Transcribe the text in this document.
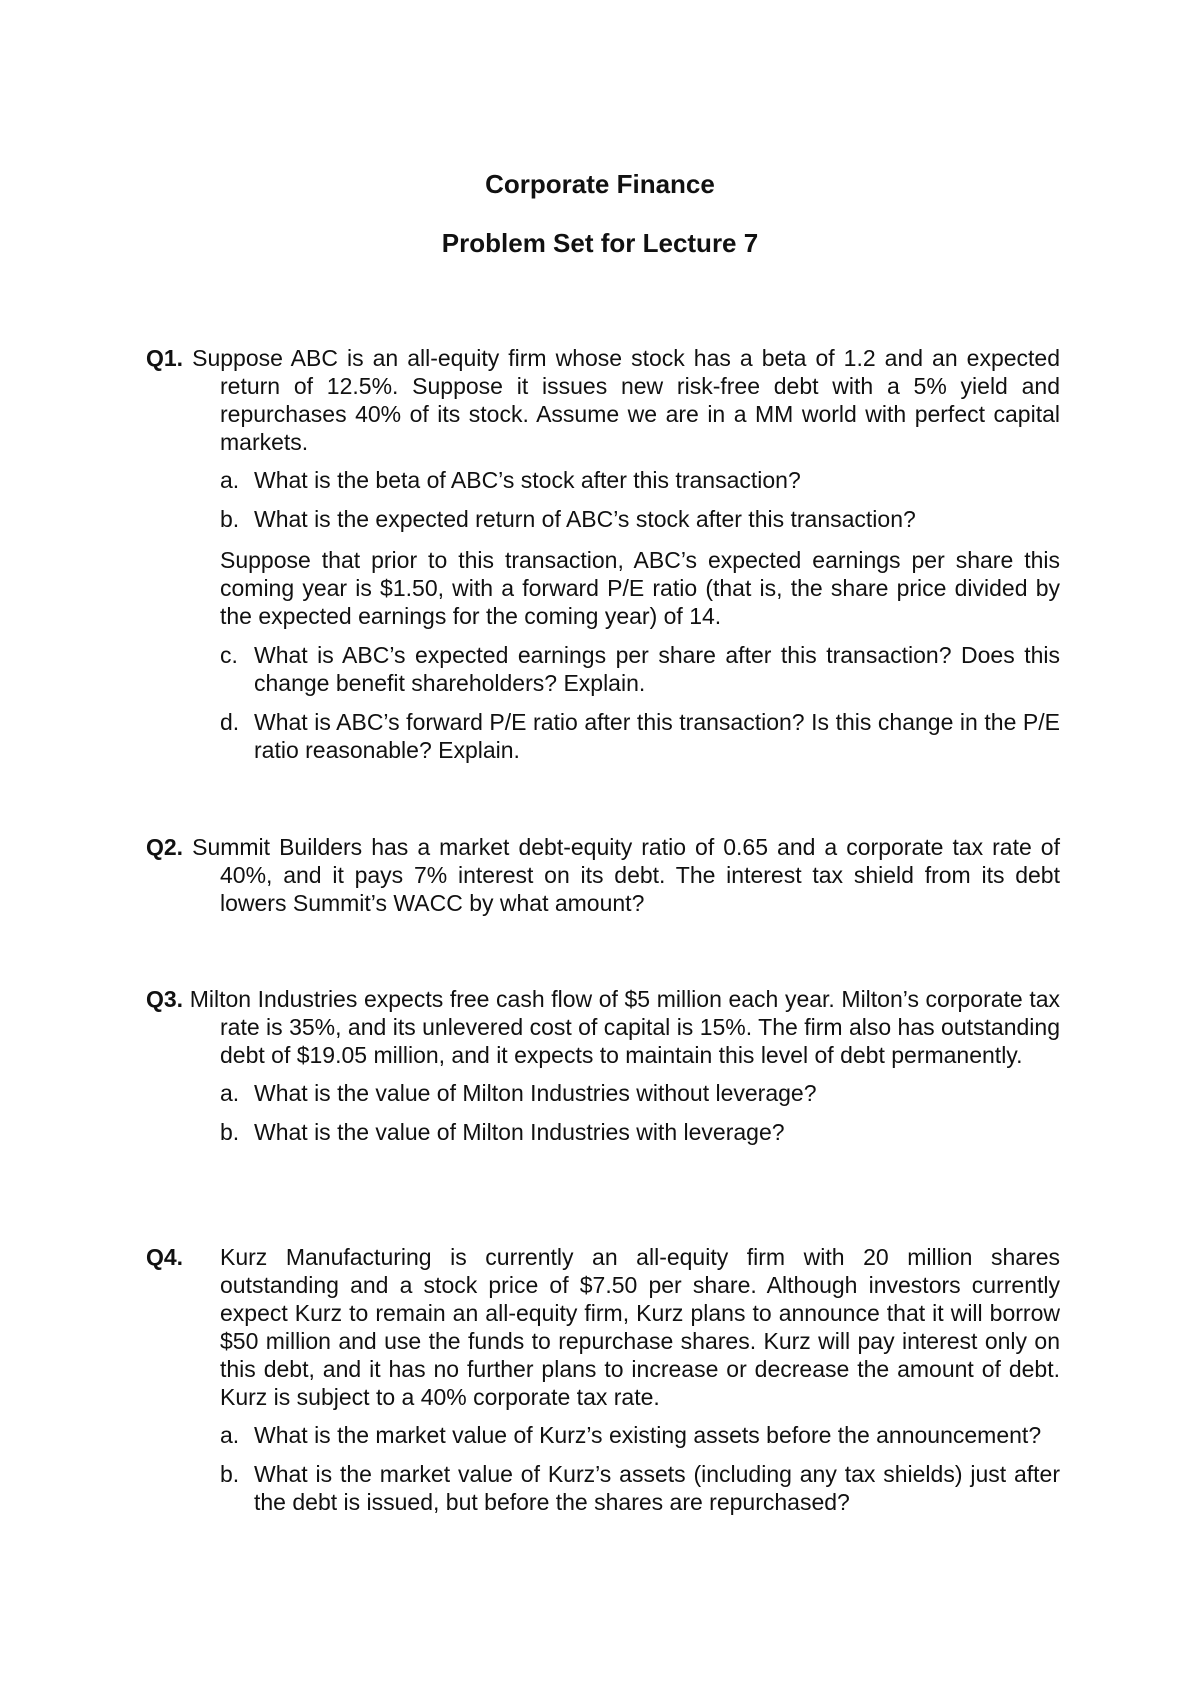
Corporate Finance
Problem Set for Lecture 7

Q1. Suppose ABC is an all-equity firm whose stock has a beta of 1.2 and an expected return of 12.5%. Suppose it issues new risk-free debt with a 5% yield and repurchases 40% of its stock. Assume we are in a MM world with perfect capital markets.

a. What is the beta of ABC’s stock after this transaction?

b. What is the expected return of ABC’s stock after this transaction?

Suppose that prior to this transaction, ABC’s expected earnings per share this coming year is $1.50, with a forward P/E ratio (that is, the share price divided by the expected earnings for the coming year) of 14.

c. What is ABC’s expected earnings per share after this transaction? Does this change benefit shareholders? Explain.

d. What is ABC’s forward P/E ratio after this transaction? Is this change in the P/E ratio reasonable? Explain.

Q2. Summit Builders has a market debt-equity ratio of 0.65 and a corporate tax rate of 40%, and it pays 7% interest on its debt. The interest tax shield from its debt lowers Summit’s WACC by what amount?

Q3. Milton Industries expects free cash flow of $5 million each year. Milton’s corporate tax rate is 35%, and its unlevered cost of capital is 15%. The firm also has outstanding debt of $19.05 million, and it expects to maintain this level of debt permanently.

a. What is the value of Milton Industries without leverage?

b. What is the value of Milton Industries with leverage?

Q4. Kurz Manufacturing is currently an all-equity firm with 20 million shares outstanding and a stock price of $7.50 per share. Although investors currently expect Kurz to remain an all-equity firm, Kurz plans to announce that it will borrow $50 million and use the funds to repurchase shares. Kurz will pay interest only on this debt, and it has no further plans to increase or decrease the amount of debt. Kurz is subject to a 40% corporate tax rate.

a. What is the market value of Kurz’s existing assets before the announcement?

b. What is the market value of Kurz’s assets (including any tax shields) just after the debt is issued, but before the shares are repurchased?
